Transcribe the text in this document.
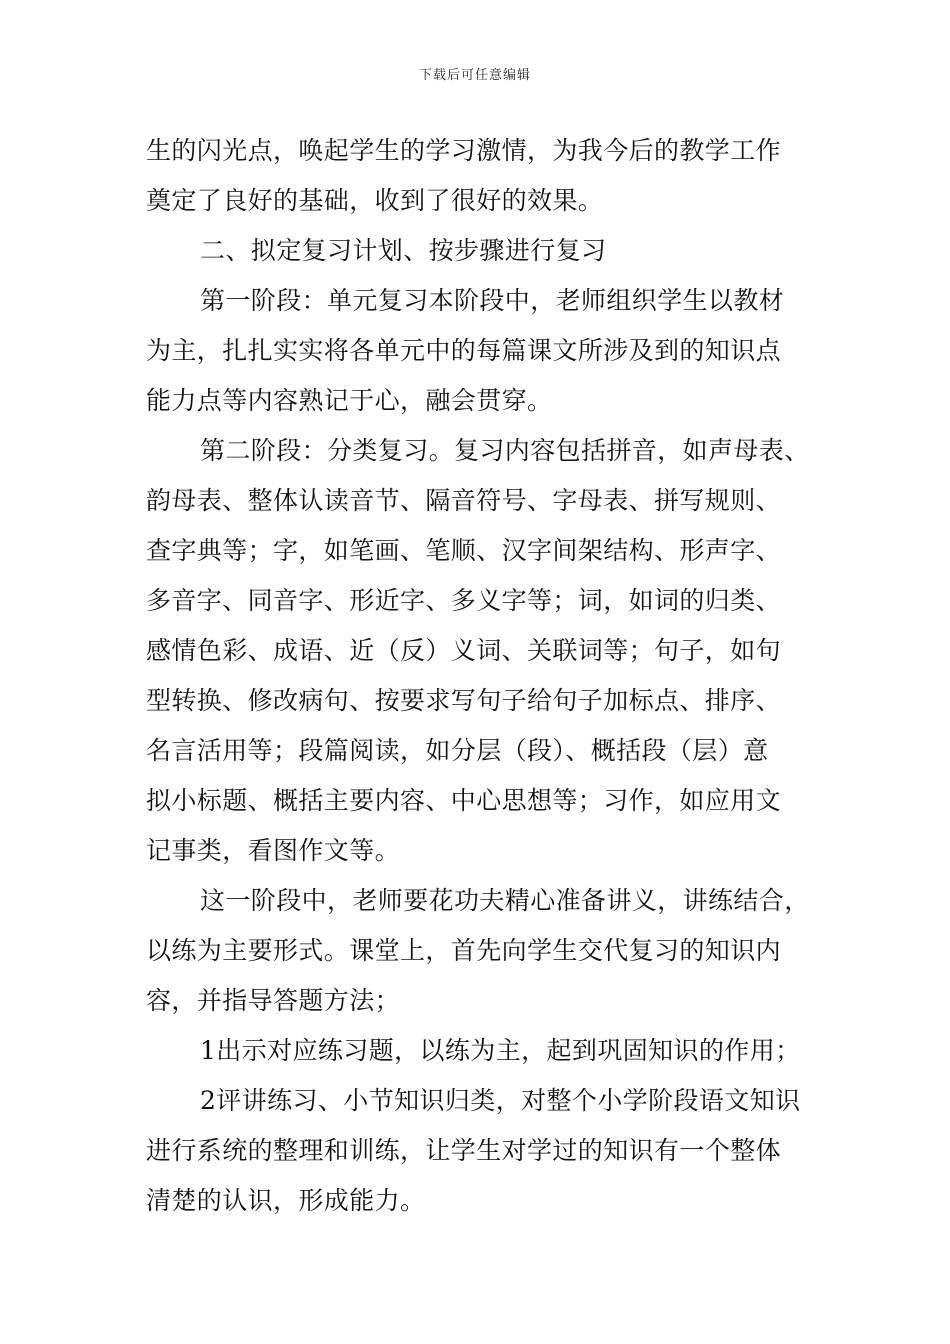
下载后可任意编辑
生的闪光点，唤起学生的学习激情，为我今后的教学工作
奠定了良好的基础，收到了很好的效果。
二、拟定复习计划、按步骤进行复习
第一阶段：单元复习本阶段中，老师组织学生以教材
为主，扎扎实实将各单元中的每篇课文所涉及到的知识点
能力点等内容熟记于心，融会贯穿。
第二阶段：分类复习。复习内容包括拼音，如声母表、
韵母表、整体认读音节、隔音符号、字母表、拼写规则、
查字典等；字，如笔画、笔顺、汉字间架结构、形声字、
多音字、同音字、形近字、多义字等；词，如词的归类、
感情色彩、成语、近（反）义词、关联词等；句子，如句
型转换、修改病句、按要求写句子给句子加标点、排序、
名言活用等；段篇阅读，如分层（段）、概括段（层）意
拟小标题、概括主要内容、中心思想等；习作，如应用文
记事类，看图作文等。
这一阶段中，老师要花功夫精心准备讲义，讲练结合，
以练为主要形式。课堂上，首先向学生交代复习的知识内
容，并指导答题方法；
1出示对应练习题，以练为主，起到巩固知识的作用；
2评讲练习、小节知识归类，对整个小学阶段语文知识
进行系统的整理和训练，让学生对学过的知识有一个整体
清楚的认识，形成能力。
